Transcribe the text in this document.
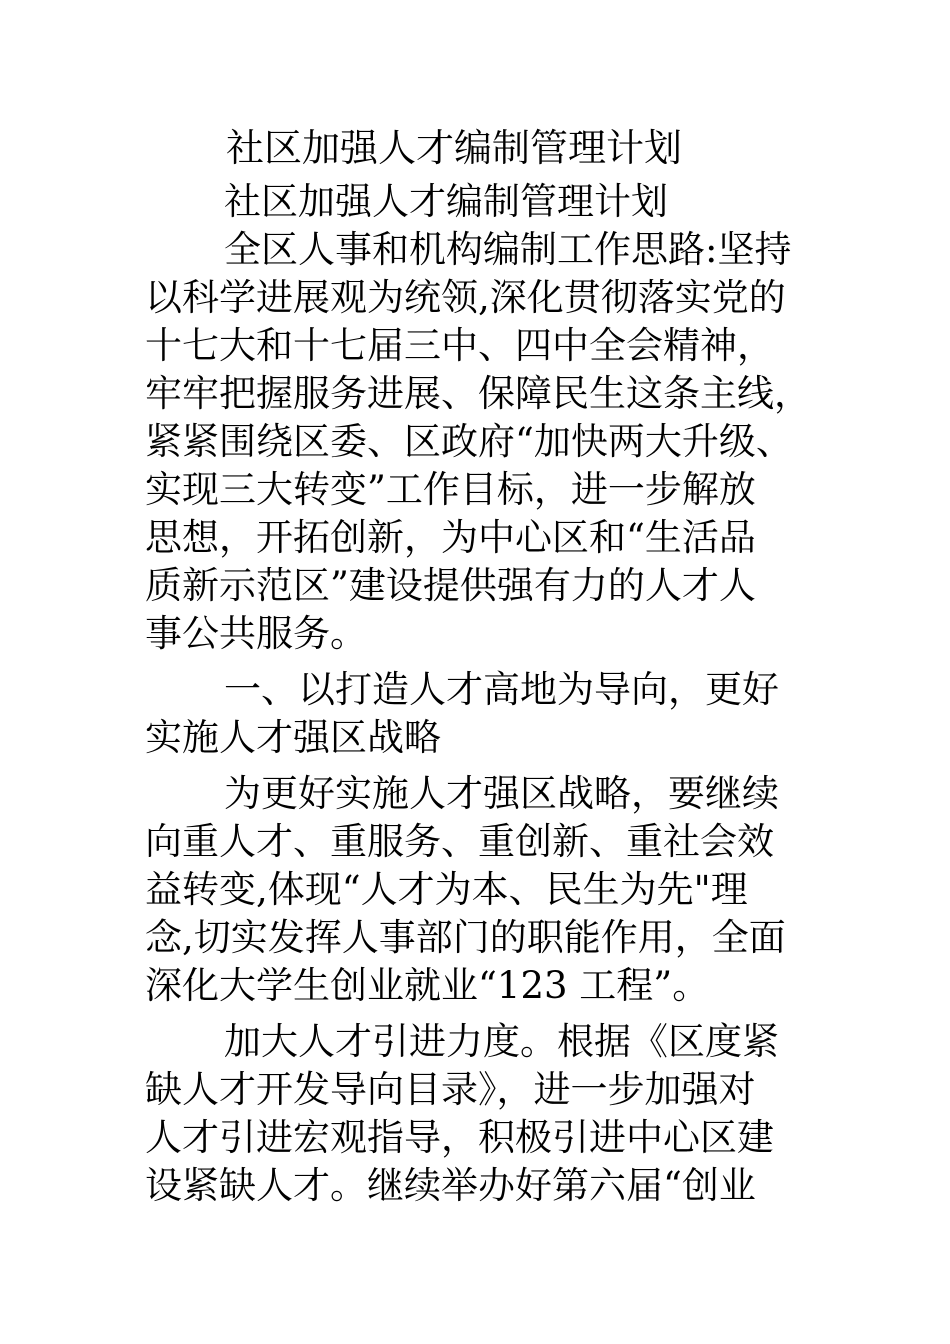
社区加强人才编制管理计划
社区加强人才编制管理计划
全区人事和机构编制工作思路:坚持
以科学进展观为统领,深化贯彻落实党的
十七大和十七届三中、四中全会精神，
牢牢把握服务进展、保障民生这条主线，
紧紧围绕区委、区政府“加快两大升级、
实现三大转变”工作目标，进一步解放
思想，开拓创新，为中心区和“生活品
质新示范区”建设提供强有力的人才人
事公共服务。
一、以打造人才高地为导向，更好
实施人才强区战略
为更好实施人才强区战略，要继续
向重人才、重服务、重创新、重社会效
益转变,体现“人才为本、民生为先"理
念,切实发挥人事部门的职能作用，全面
深化大学生创业就业“123 工程”。
加大人才引进力度。根据《区度紧
缺人才开发导向目录》，进一步加强对
人才引进宏观指导，积极引进中心区建
设紧缺人才。继续举办好第六届“创业
